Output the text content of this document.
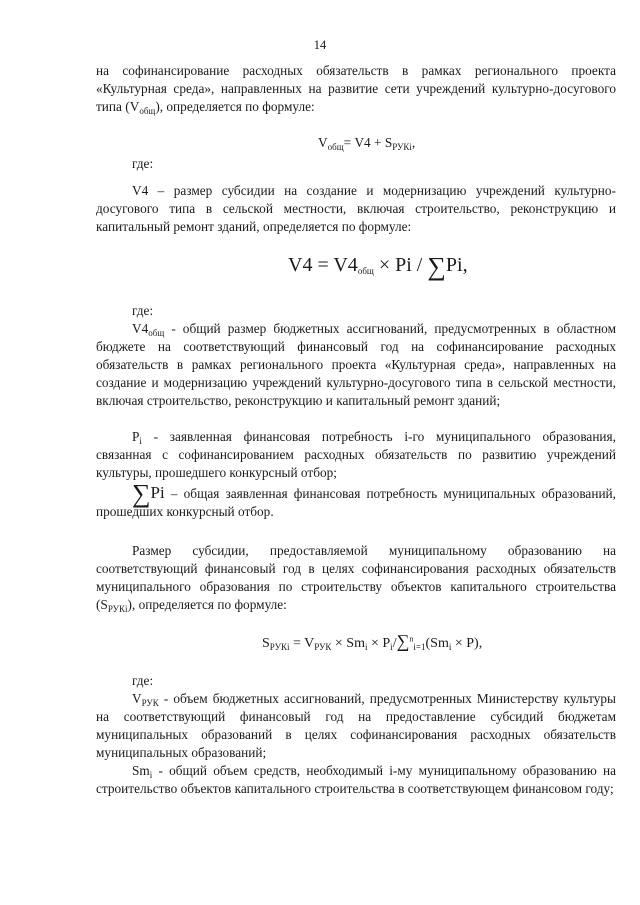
14

на софинансирование расходных обязательств в рамках регионального проекта «Культурная среда», направленных на развитие сети учреждений культурно-досугового типа $(V_{общ})$, определяется по формуле:

$V_{общ}= V4 + S_{РУКi}$,
где:

V4 – размер субсидии на создание и модернизацию учреждений культурно-досугового типа в сельской местности, включая строительство, реконструкцию и капитальный ремонт зданий, определяется по формуле:

$V4 = V4_{общ} \times Pi / \sum Pi$,
где:

$V4_{общ}$ - общий размер бюджетных ассигнований, предусмотренных в областном бюджете на соответствующий финансовый год на софинансирование расходных обязательств в рамках регионального проекта «Культурная среда», направленных на создание и модернизацию учреждений культурно-досугового типа в сельской местности, включая строительство, реконструкцию и капитальный ремонт зданий;

$P_i$ - заявленная финансовая потребность i-го муниципального образования, связанная с софинансированием расходных обязательств по развитию учреждений культуры, прошедшего конкурсный отбор;

∑Pi – общая заявленная финансовая потребность муниципальных образований, прошедших конкурсный отбор.

Размер субсидии, предоставляемой муниципальному образованию на соответствующий финансовый год в целях софинансирования расходных обязательств муниципального образования по строительству объектов капитального строительства $(S_{РУКi})$, определяется по формуле:

$S_{РУКi} = V_{РУК} \times Sm_i \times P_i/\sum^n_{i=1}(Sm_i \times P)$,
где:

$V_{РУК}$ - объем бюджетных ассигнований, предусмотренных Министерству культуры на соответствующий финансовый год на предоставление субсидий бюджетам муниципальных образований в целях софинансирования расходных обязательств муниципальных образований;

$Sm_i$ - общий объем средств, необходимый i-му муниципальному образованию на строительство объектов капитального строительства в соответствующем финансовом году;
